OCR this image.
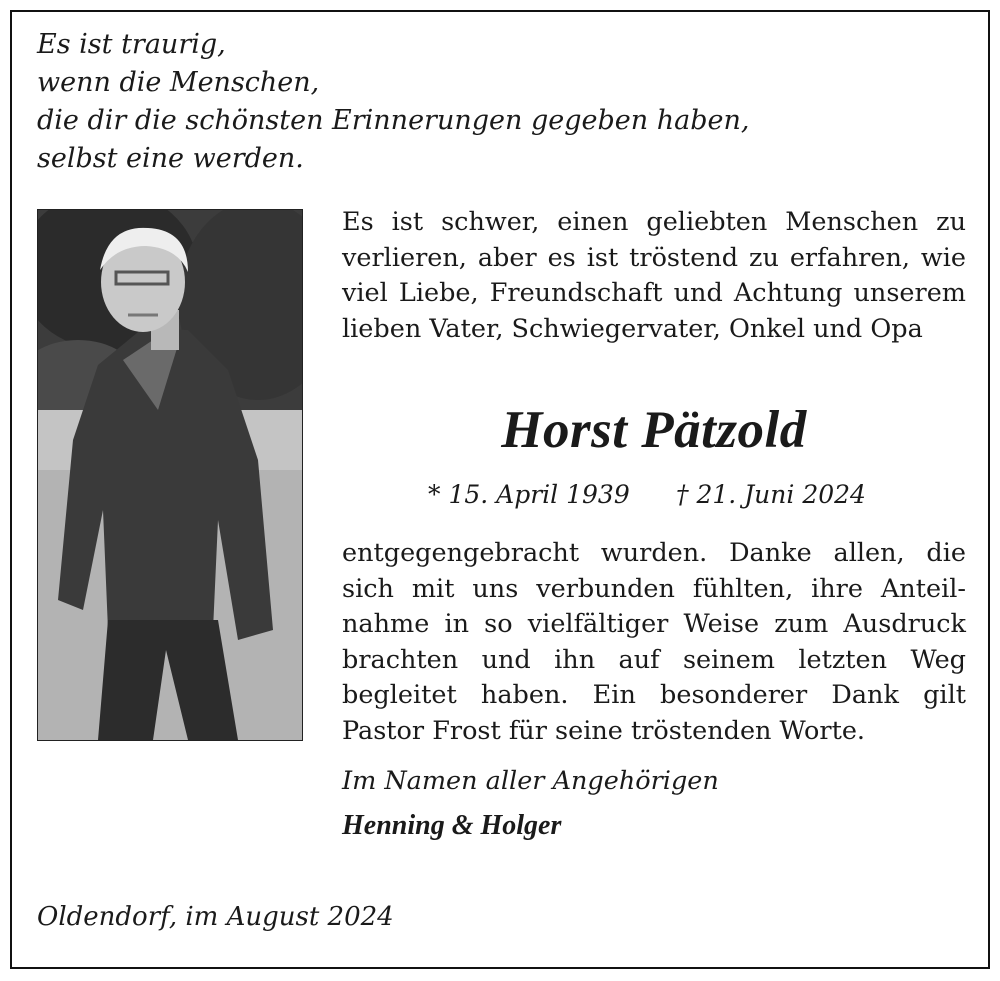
Es ist traurig,
wenn die Menschen,
die dir die schönsten Erinnerungen gegeben haben,
selbst eine werden.
Es ist schwer, einen geliebten Menschen zu verlieren, aber es ist tröstend zu erfahren, wie viel Liebe, Freundschaft und Achtung unserem lieben Vater, Schwiegervater, Onkel und Opa
Horst Pätzold
* 15. April 1939 † 21. Juni 2024
entgegengebracht wurden. Danke allen, die sich mit uns verbunden fühlten, ihre Anteil-nahme in so vielfältiger Weise zum Ausdruck brachten und ihn auf seinem letzten Weg begleitet haben. Ein besonderer Dank gilt Pastor Frost für seine tröstenden Worte.
Im Namen aller Angehörigen
Henning & Holger
Oldendorf, im August 2024
